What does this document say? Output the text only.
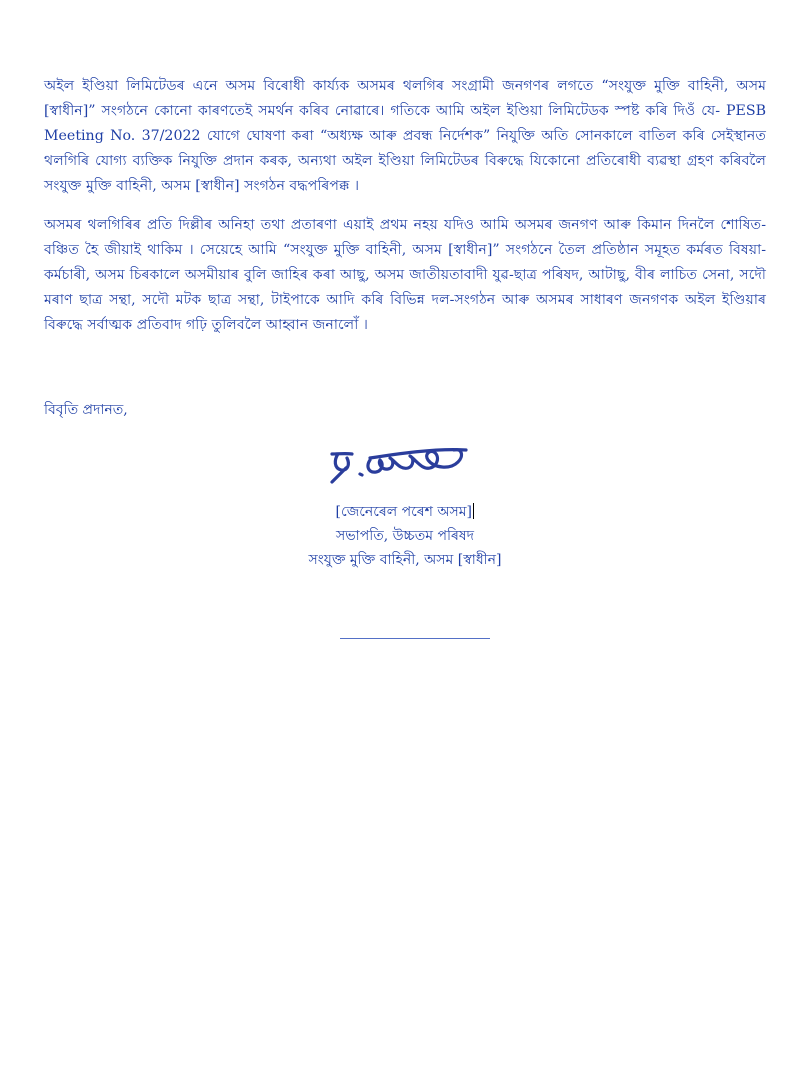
অইল ইণ্ডিয়া লিমিটেডৰ এনে অসম বিৰোধী কাৰ্য্যক অসমৰ থলগিৰ সংগ্ৰামী জনগণৰ লগতে “সংযুক্ত মুক্তি বাহিনী, অসম [স্বাধীন]” সংগঠনে কোনো কাৰণতেই সমৰ্থন কৰিব নোৱাৰে। গতিকে আমি অইল ইণ্ডিয়া লিমিটেডক স্পষ্ট কৰি দিওঁ যে- PESB Meeting No. 37/2022 যোগে ঘোষণা কৰা “অধ্যক্ষ আৰু প্ৰবন্ধ নিৰ্দেশক” নিযুক্তি অতি সোনকালে বাতিল কৰি সেইস্থানত থলগিৰি যোগ্য ব্যক্তিক নিযুক্তি প্ৰদান কৰক, অন্যথা অইল ইণ্ডিয়া লিমিটেডৰ বিৰুদ্ধে যিকোনো প্ৰতিৰোধী ব্যৱস্থা গ্ৰহণ কৰিবলৈ সংযুক্ত মুক্তি বাহিনী, অসম [স্বাধীন] সংগঠন বদ্ধপৰিপক্ক ।

অসমৰ থলগিৰিৰ প্ৰতি দিল্লীৰ অনিহা তথা প্ৰতাৰণা এয়াই প্ৰথম নহয় যদিও আমি অসমৰ জনগণ আৰু কিমান দিনলৈ শোষিত-বঞ্চিত হৈ জীয়াই থাকিম । সেয়েহে আমি “সংযুক্ত মুক্তি বাহিনী, অসম [স্বাধীন]” সংগঠনে তৈল প্ৰতিষ্ঠান সমূহত কৰ্মৰত বিষয়া-কৰ্মচাৰী, অসম চিৰকালে অসমীয়াৰ বুলি জাহিৰ কৰা আছু, অসম জাতীয়তাবাদী যুৱ-ছাত্ৰ পৰিষদ, আটাছু, বীৰ লাচিত সেনা, সদৌ মৰাণ ছাত্ৰ সন্থা, সদৌ মটক ছাত্ৰ সন্থা, টাইপাকে আদি কৰি বিভিন্ন দল-সংগঠন আৰু অসমৰ সাধাৰণ জনগণক অইল ইণ্ডিয়াৰ বিৰুদ্ধে সৰ্বাত্মক প্ৰতিবাদ গঢ়ি তুলিবলৈ আহ্বান জনালোঁ ।

বিবৃতি প্ৰদানত,

[জেনেৰেল পৰেশ অসম]
সভাপতি, উচ্চতম পৰিষদ
সংযুক্ত মুক্তি বাহিনী, অসম [স্বাধীন]
